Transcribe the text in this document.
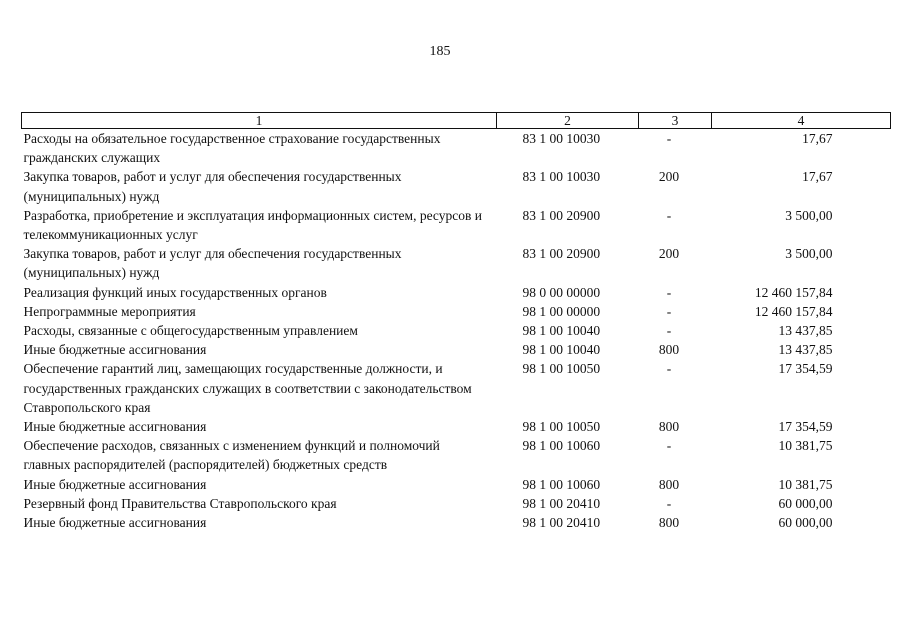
185
1	2	3	4
Расходы на обязательное государственное страхование государственных гражданских служащих	83 1 00 10030	-	17,67
Закупка товаров, работ и услуг для обеспечения государственных (муниципальных) нужд	83 1 00 10030	200	17,67
Разработка, приобретение и эксплуатация информационных систем, ресурсов и телекоммуникационных услуг	83 1 00 20900	-	3 500,00
Закупка товаров, работ и услуг для обеспечения государственных (муниципальных) нужд	83 1 00 20900	200	3 500,00
Реализация функций иных государственных органов	98 0 00 00000	-	12 460 157,84
Непрограммные мероприятия	98 1 00 00000	-	12 460 157,84
Расходы, связанные с общегосударственным управлением	98 1 00 10040	-	13 437,85
Иные бюджетные ассигнования	98 1 00 10040	800	13 437,85
Обеспечение гарантий лиц, замещающих государственные должности, и государственных гражданских служащих в соответствии с законодательством Ставропольского края	98 1 00 10050	-	17 354,59
Иные бюджетные ассигнования	98 1 00 10050	800	17 354,59
Обеспечение расходов, связанных с изменением функций и полномочий главных распорядителей (распорядителей) бюджетных средств	98 1 00 10060	-	10 381,75
Иные бюджетные ассигнования	98 1 00 10060	800	10 381,75
Резервный фонд Правительства Ставропольского края	98 1 00 20410	-	60 000,00
Иные бюджетные ассигнования	98 1 00 20410	800	60 000,00
